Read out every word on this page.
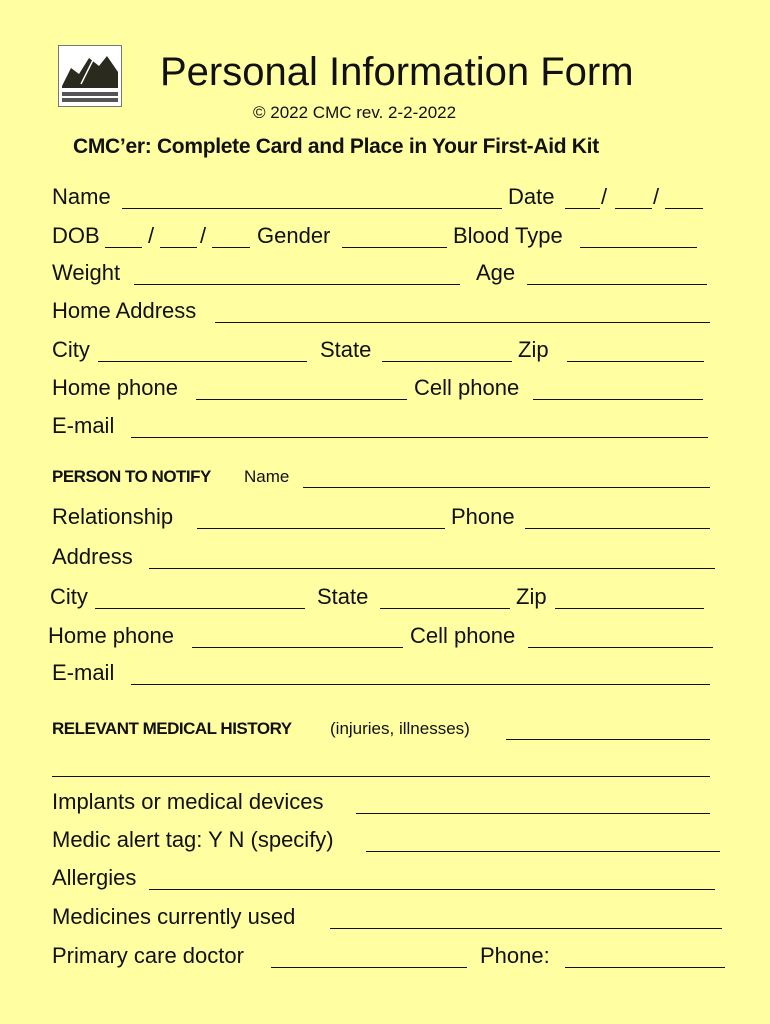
Personal Information Form
© 2022 CMC rev. 2-2-2022
CMC’er: Complete Card and Place in Your First-Aid Kit
Name	Date / /
DOB / / Gender	Blood Type
Weight	Age
Home Address
City	State	Zip
Home phone	Cell phone
E-mail
PERSON TO NOTIFY Name
Relationship	Phone
Address
City	State	Zip
Home phone	Cell phone
E-mail
RELEVANT MEDICAL HISTORY (injuries, illnesses)
Implants or medical devices
Medic alert tag: Y N (specify)
Allergies
Medicines currently used
Primary care doctor	Phone:
